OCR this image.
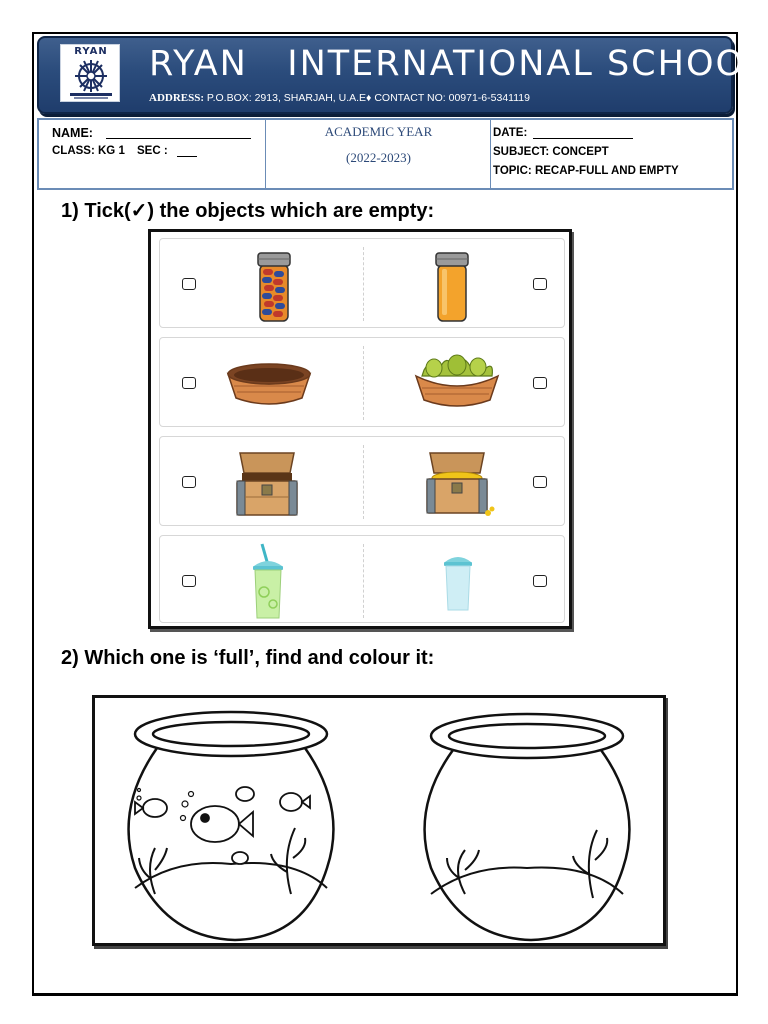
RYAN	RYAN   INTERNATIONAL SCHOOL
ADDRESS: P.O.BOX: 2913, SHARJAH, U.A.E♦ CONTACT NO: 00971-6-5341119
NAME:
CLASS: KG 1 SEC :
ACADEMIC YEAR
(2022-2023)
DATE:
SUBJECT: CONCEPT
TOPIC: RECAP-FULL AND EMPTY
1) Tick(✓) the objects which are empty:
2) Which one is ‘full’, find and colour it:
